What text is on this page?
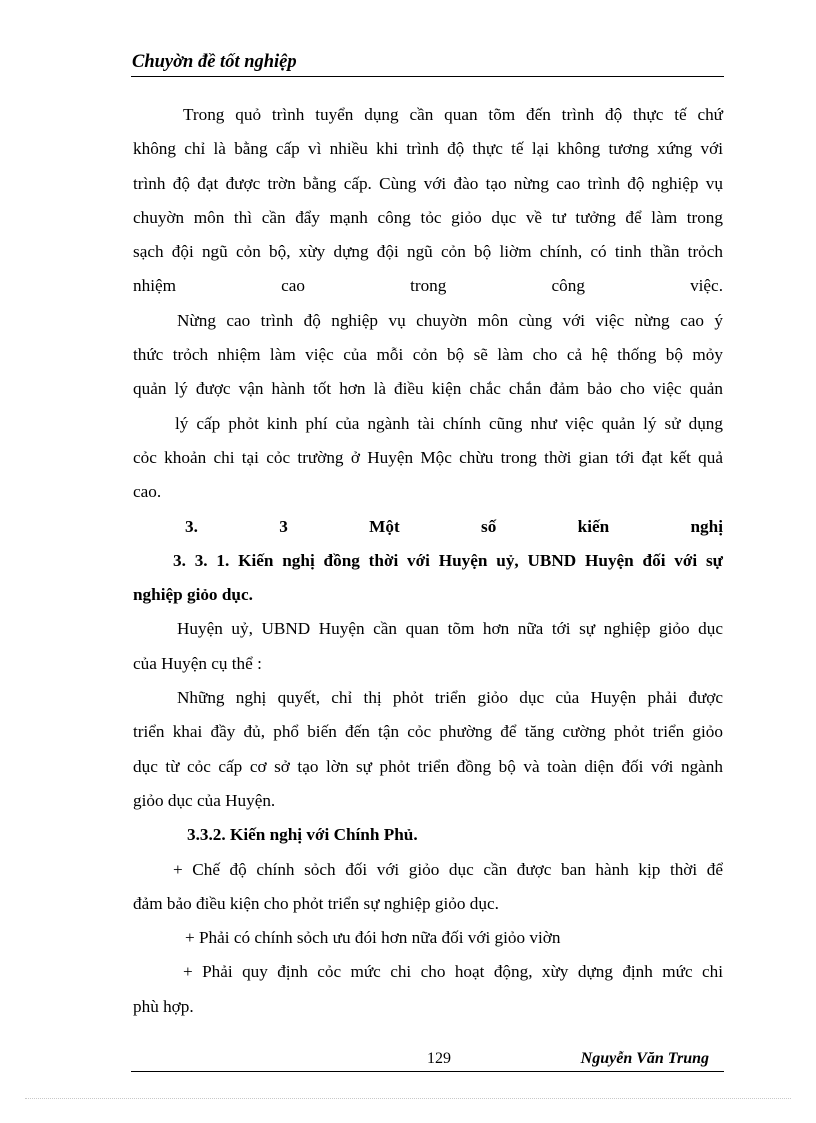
Chuyờn đề tốt nghiệp
Trong quỏ trình tuyển dụng cần quan tõm đến trình độ thực tế chứ
không chỉ là bằng cấp vì nhiều khi trình độ thực tế lại không tương xứng với
trình độ đạt được trờn bằng cấp. Cùng với đào tạo nừng cao trình độ nghiệp vụ
chuyờn môn thì cần đẩy mạnh công tỏc giỏo dục về tư tưởng để làm trong
sạch đội ngũ cỏn bộ, xừy dựng đội ngũ cỏn bộ liờm chính, có tinh thần trỏch
nhiệm cao trong công việc.
Nừng cao trình độ nghiệp vụ chuyờn môn cùng với việc nừng cao ý
thức trỏch nhiệm làm việc của mỗi cỏn bộ sẽ làm cho cả hệ thống bộ mỏy
quản lý được vận hành tốt hơn là điều kiện chắc chắn đảm bảo cho việc quản
lý cấp phỏt kinh phí của ngành tài chính cũng như việc quản lý sử dụng
cỏc khoản chi tại cỏc trường ở Huyện Mộc chừu trong thời gian tới đạt kết quả
cao.
3. 3 Một số kiến nghị
3. 3. 1. Kiến nghị đồng thời với Huyện uỷ, UBND Huyện đối với sự
nghiệp giỏo dục.
Huyện uỷ, UBND Huyện cần quan tõm hơn nữa tới sự nghiệp giỏo dục
của Huyện cụ thể :
Những nghị quyết, chỉ thị phỏt triển giỏo dục của Huyện phải được
triển khai đầy đủ, phổ biến đến tận cỏc phường để tăng cường phỏt triển giỏo
dục từ cỏc cấp cơ sở tạo lờn sự phỏt triển đồng bộ và toàn diện đối với ngành
giỏo dục của Huyện.
3.3.2. Kiến nghị với Chính Phủ.
+ Chế độ chính sỏch đối với giỏo dục cần được ban hành kịp thời để
đảm bảo điều kiện cho phỏt triển sự nghiệp giỏo dục.
+ Phải có chính sỏch ưu đói hơn nữa đối với giỏo viờn
+ Phải quy định cỏc mức chi cho hoạt động, xừy dựng định mức chi
phù hợp.
129	Nguyễn Văn Trung
